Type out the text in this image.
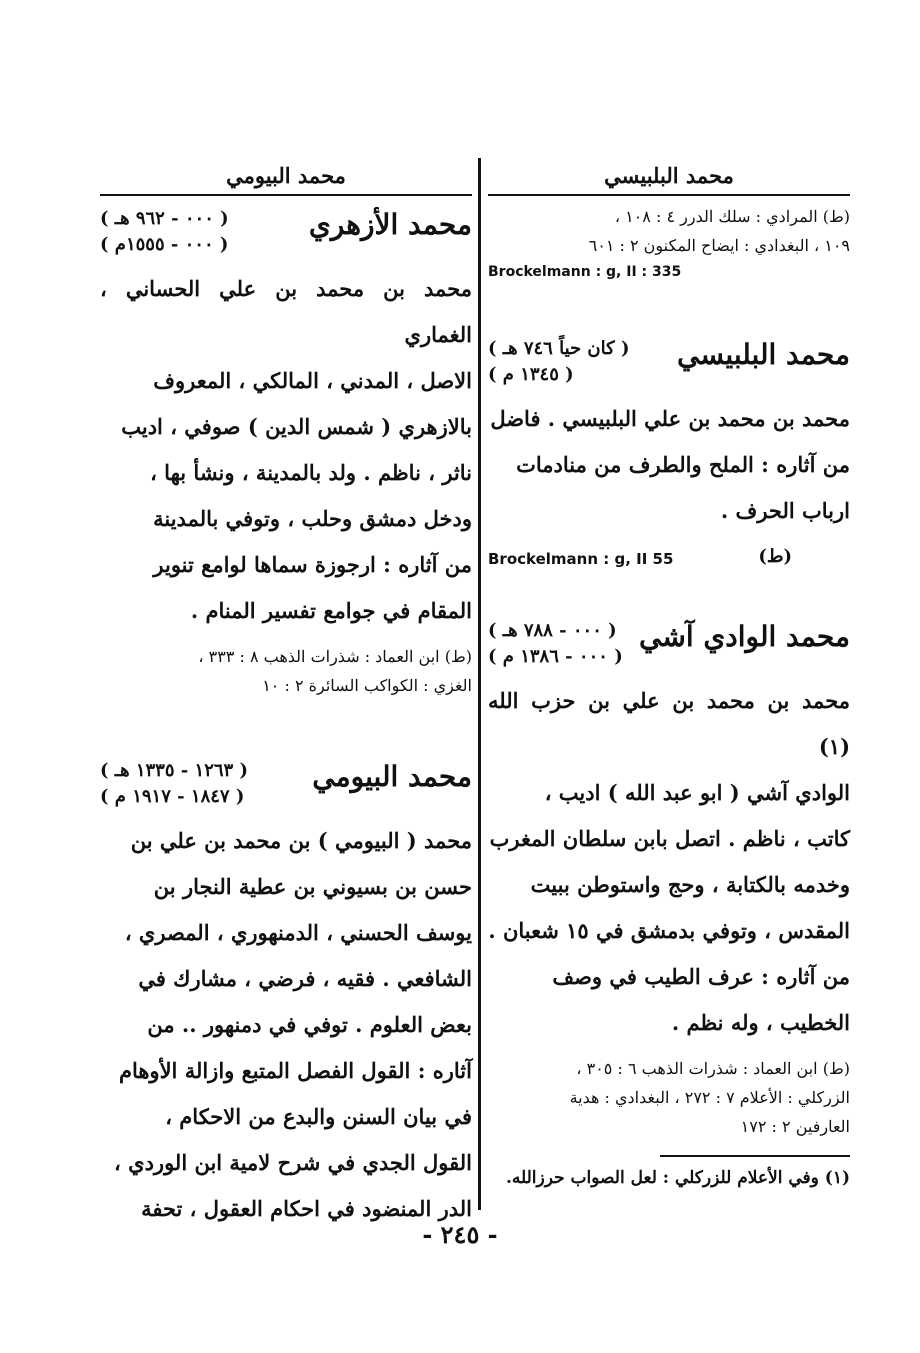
محمد البلبيسي
(ط) المرادي : سلك الدرر ٤ : ١٠٨ ،
١٠٩ ، البغدادي : ايضاح المكنون ٢ : ٦٠١
Brockelmann : g, II : 335
محمد البلبيسي
( كان حياً ٧٤٦ هـ )
( ١٣٤٥ م )

محمد بن محمد بن علي البلبيسي . فاضل

من آثاره : الملح والطرف من منادمات

ارباب الحرف .

Brockelmann : g, II 55	(ط)
محمد الوادي آشي
( ٠٠٠ - ٧٨٨ هـ )
( ٠٠٠ - ١٣٨٦ م )

محمد بن محمد بن علي بن حزب الله (١)

الوادي آشي ( ابو عبد الله ) اديب ،

كاتب ، ناظم . اتصل بابن سلطان المغرب

وخدمه بالكتابة ، وحج واستوطن ببيت

المقدس ، وتوفي بدمشق في ١٥ شعبان .

من آثاره : عرف الطيب في وصف

الخطيب ، وله نظم .

(ط) ابن العماد : شذرات الذهب ٦ : ٣٠٥ ،
الزركلي : الأعلام ٧ : ٢٧٢ ، البغدادي : هدية
العارفين ٢ : ١٧٢
(١) وفي الأعلام للزركلي : لعل الصواب حرزالله.
محمد البيومي
محمد الأزهري
( ٠٠٠ - ٩٦٢ هـ )
( ٠٠٠ - ١٥٥٥م )

محمد بن محمد بن علي الحساني ، الغماري

الاصل ، المدني ، المالكي ، المعروف

بالازهري ( شمس الدين ) صوفي ، اديب

ناثر ، ناظم . ولد بالمدينة ، ونشأ بها ،

ودخل دمشق وحلب ، وتوفي بالمدينة

من آثاره : ارجوزة سماها لوامع تنوير

المقام في جوامع تفسير المنام .

(ط) ابن العماد : شذرات الذهب ٨ : ٣٣٣ ،
الغزي : الكواكب السائرة ٢ : ١٠
محمد البيومي
( ١٢٦٣ - ١٣٣٥ هـ )
( ١٨٤٧ - ١٩١٧ م )

محمد ( البيومي ) بن محمد بن علي بن

حسن بن بسيوني بن عطية النجار بن

يوسف الحسني ، الدمنهوري ، المصري ،

الشافعي . فقيه ، فرضي ، مشارك في

بعض العلوم . توفي في دمنهور .. من

آثاره : القول الفصل المتبع وازالة الأوهام

في بيان السنن والبدع من الاحكام ،

القول الجدي في شرح لامية ابن الوردي ،

الدر المنضود في احكام العقول ، تحفة

- ٢٤٥ -
